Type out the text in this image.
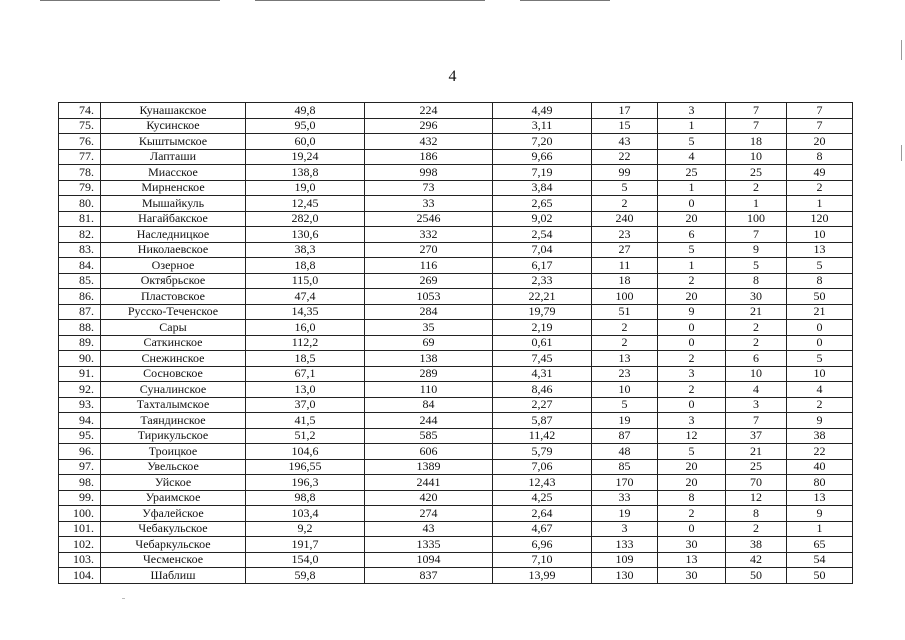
4
74.	Кунашакское	49,8	224	4,49	17	3	7	7
75.	Кусинское	95,0	296	3,11	15	1	7	7
76.	Кыштымское	60,0	432	7,20	43	5	18	20
77.	Лапташи	19,24	186	9,66	22	4	10	8
78.	Миасское	138,8	998	7,19	99	25	25	49
79.	Мирненское	19,0	73	3,84	5	1	2	2
80.	Мышайкуль	12,45	33	2,65	2	0	1	1
81.	Нагайбакское	282,0	2546	9,02	240	20	100	120
82.	Наследницкое	130,6	332	2,54	23	6	7	10
83.	Николаевское	38,3	270	7,04	27	5	9	13
84.	Озерное	18,8	116	6,17	11	1	5	5
85.	Октябрьское	115,0	269	2,33	18	2	8	8
86.	Пластовское	47,4	1053	22,21	100	20	30	50
87.	Русско-Теченское	14,35	284	19,79	51	9	21	21
88.	Сары	16,0	35	2,19	2	0	2	0
89.	Саткинское	112,2	69	0,61	2	0	2	0
90.	Снежинское	18,5	138	7,45	13	2	6	5
91.	Сосновское	67,1	289	4,31	23	3	10	10
92.	Суналинское	13,0	110	8,46	10	2	4	4
93.	Тахталымское	37,0	84	2,27	5	0	3	2
94.	Таяндинское	41,5	244	5,87	19	3	7	9
95.	Тирикульское	51,2	585	11,42	87	12	37	38
96.	Троицкое	104,6	606	5,79	48	5	21	22
97.	Увельское	196,55	1389	7,06	85	20	25	40
98.	Уйское	196,3	2441	12,43	170	20	70	80
99.	Ураимское	98,8	420	4,25	33	8	12	13
100.	Уфалейское	103,4	274	2,64	19	2	8	9
101.	Чебакульское	9,2	43	4,67	3	0	2	1
102.	Чебаркульское	191,7	1335	6,96	133	30	38	65
103.	Чесменское	154,0	1094	7,10	109	13	42	54
104.	Шаблиш	59,8	837	13,99	130	30	50	50
